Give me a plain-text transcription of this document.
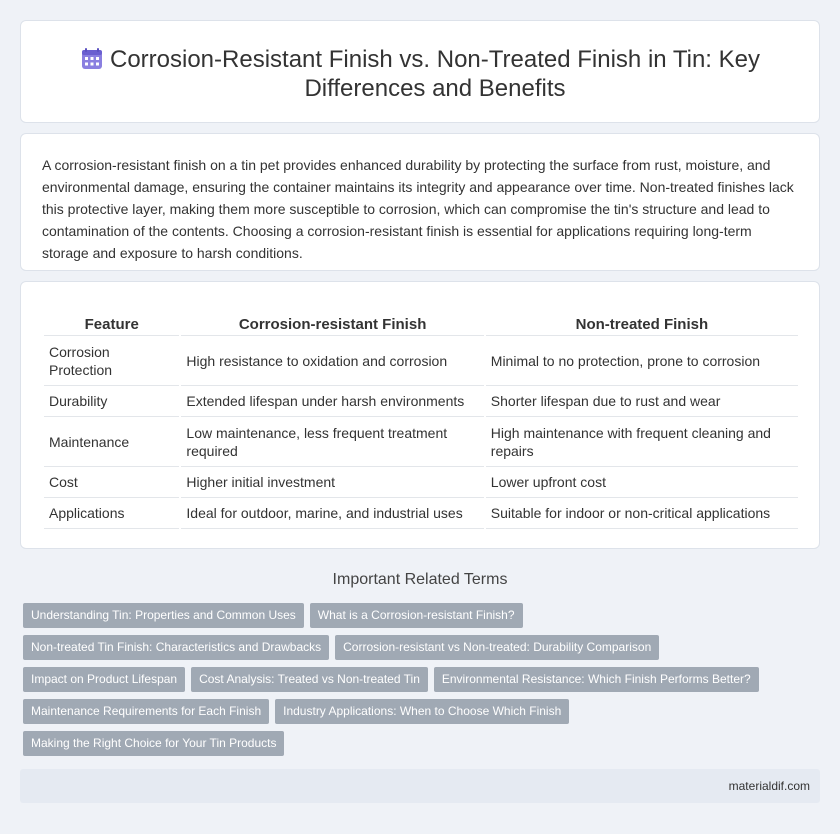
Corrosion-Resistant Finish vs. Non-Treated Finish in Tin: Key Differences and Benefits

A corrosion-resistant finish on a tin pet provides enhanced durability by protecting the surface from rust, moisture, and environmental damage, ensuring the container maintains its integrity and appearance over time. Non-treated finishes lack this protective layer, making them more susceptible to corrosion, which can compromise the tin's structure and lead to contamination of the contents. Choosing a corrosion-resistant finish is essential for applications requiring long-term storage and exposure to harsh conditions.

Feature	Corrosion-resistant Finish	Non-treated Finish
Corrosion Protection	High resistance to oxidation and corrosion	Minimal to no protection, prone to corrosion
Durability	Extended lifespan under harsh environments	Shorter lifespan due to rust and wear
Maintenance	Low maintenance, less frequent treatment required	High maintenance with frequent cleaning and repairs
Cost	Higher initial investment	Lower upfront cost
Applications	Ideal for outdoor, marine, and industrial uses	Suitable for indoor or non-critical applications
Important Related Terms
Understanding Tin: Properties and Common Uses	What is a Corrosion-resistant Finish?
Non-treated Tin Finish: Characteristics and Drawbacks	Corrosion-resistant vs Non-treated: Durability Comparison
Impact on Product Lifespan	Cost Analysis: Treated vs Non-treated Tin	Environmental Resistance: Which Finish Performs Better?
Maintenance Requirements for Each Finish	Industry Applications: When to Choose Which Finish
Making the Right Choice for Your Tin Products
materialdif.com
